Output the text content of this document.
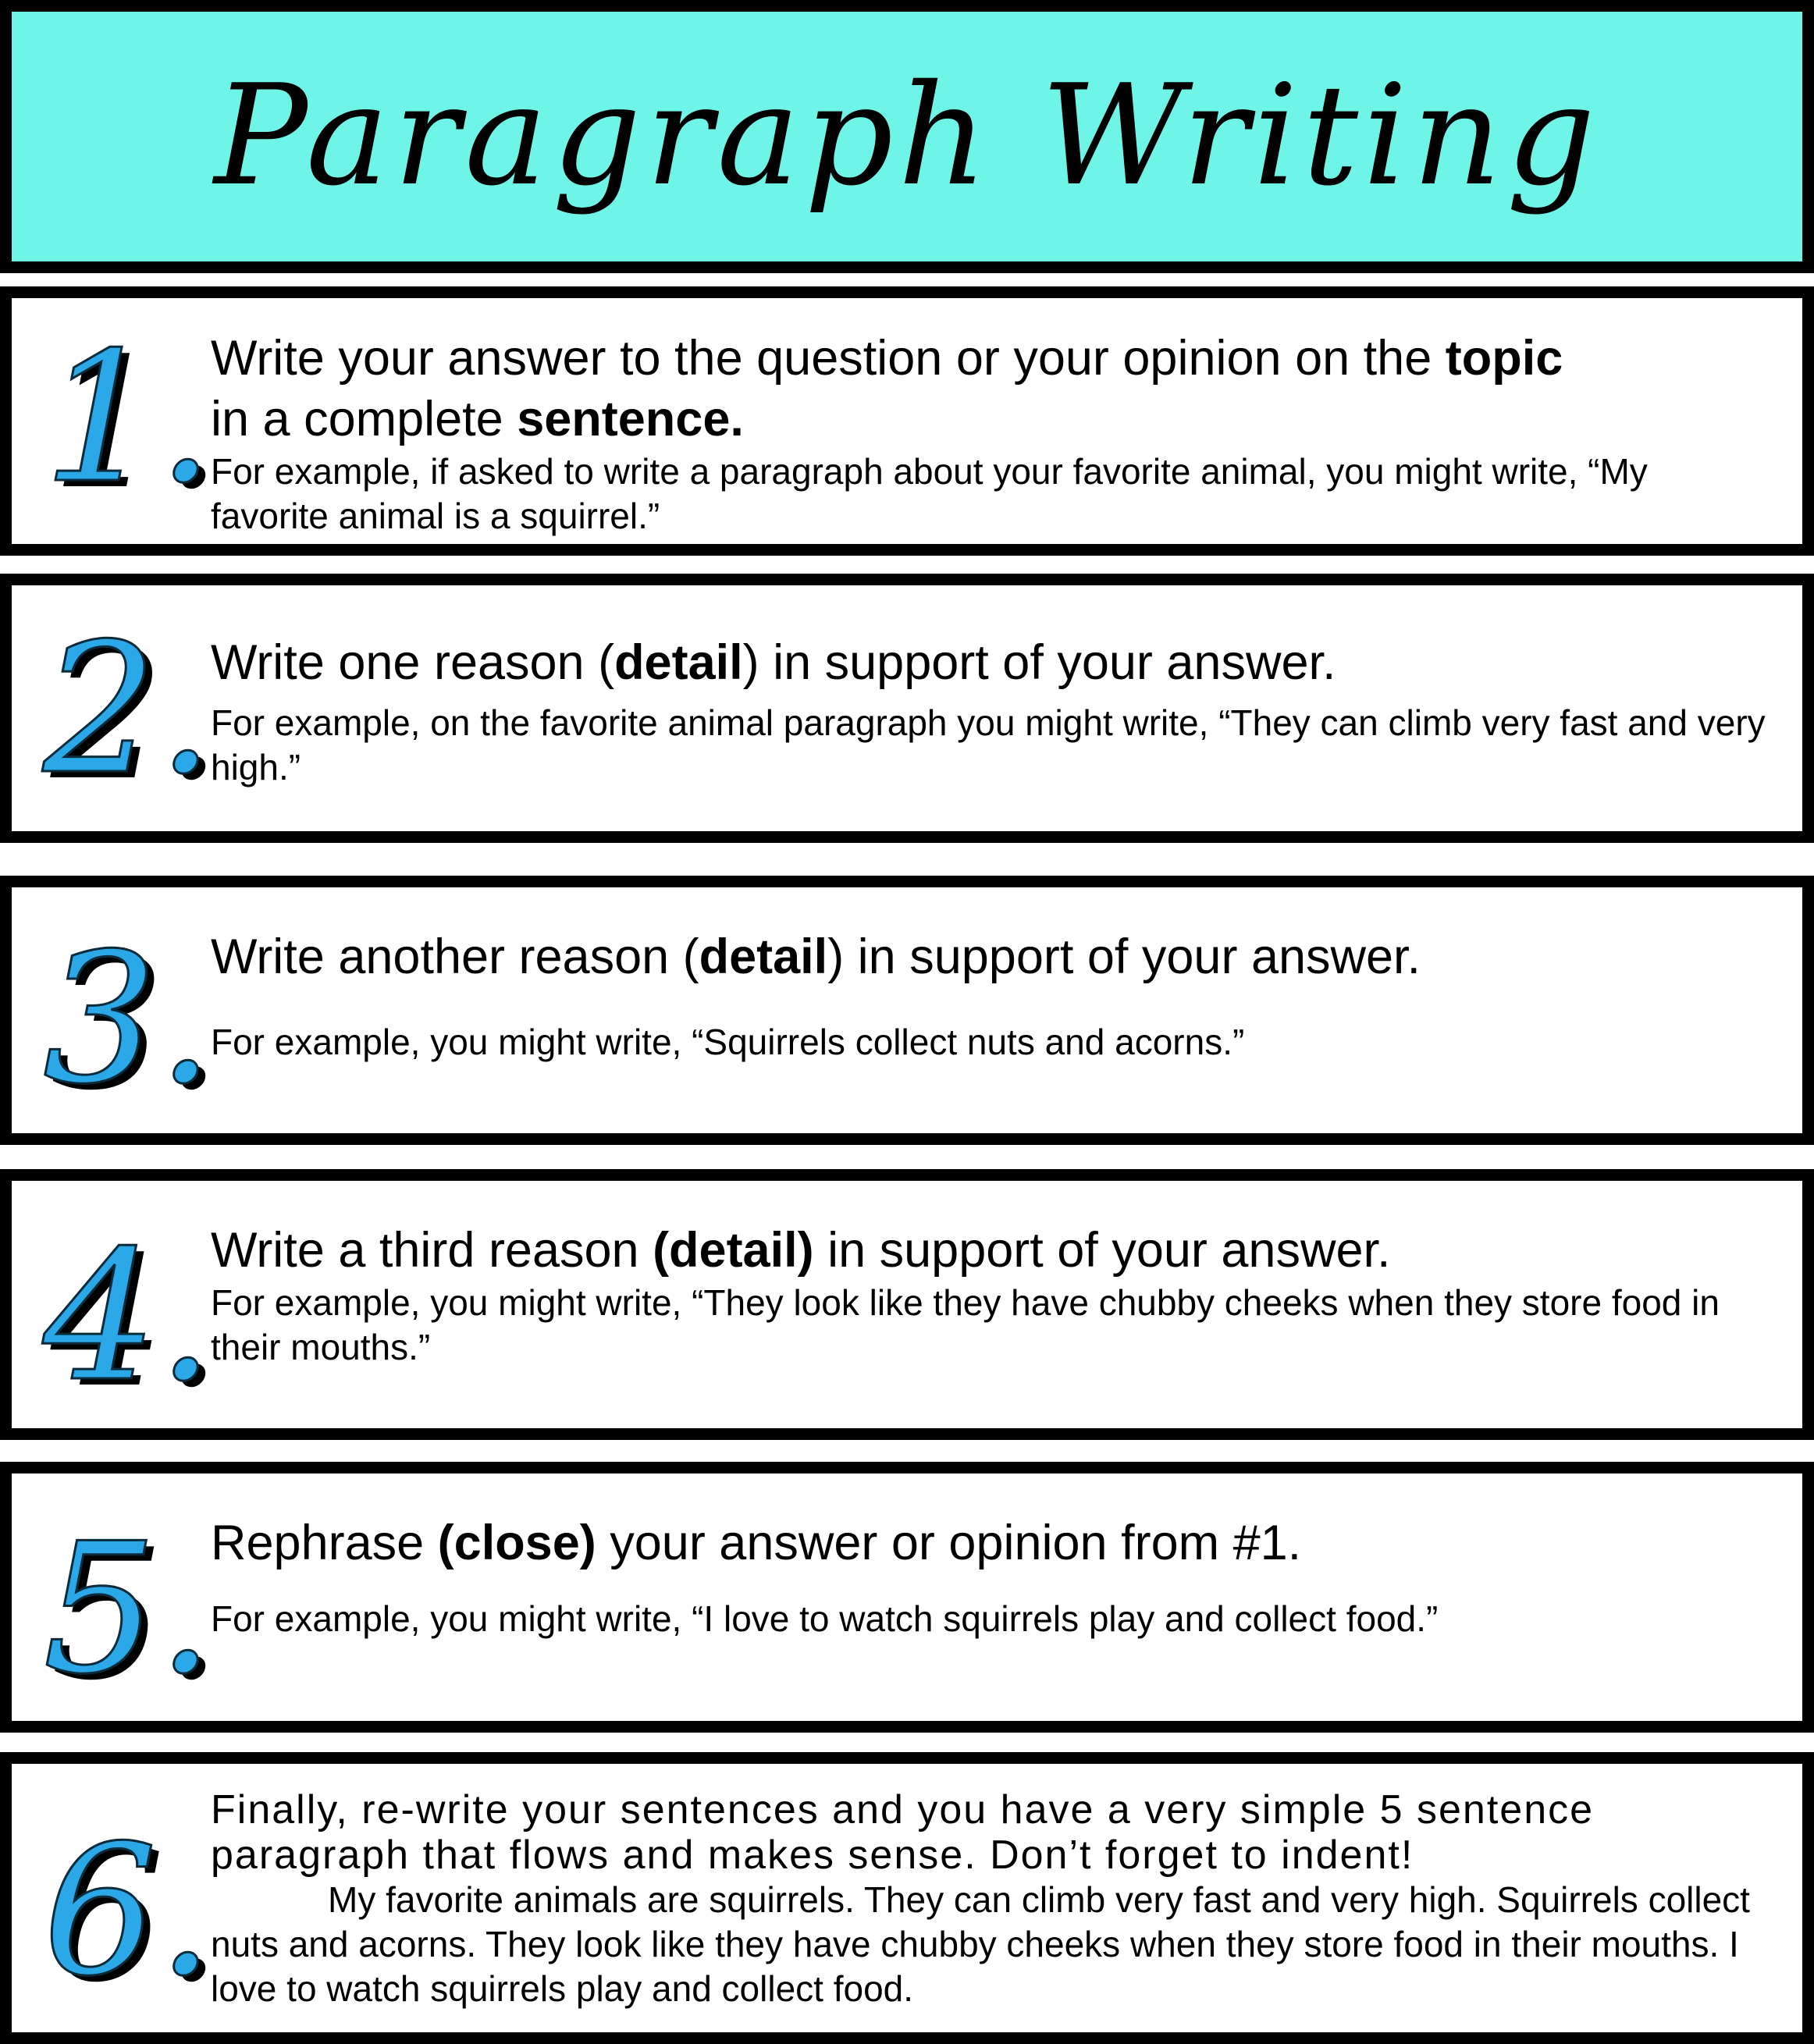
Paragraph Writing
1.
Write your answer to the question or your opinion on the topic
in a complete sentence.
For example, if asked to write a paragraph about your favorite animal, you might write, “My favorite animal is a squirrel.”
2.
Write one reason (detail) in support of your answer.
For example, on the favorite animal paragraph you might write, “They can climb very fast and very high.”
3.
Write another reason (detail) in support of your answer.
For example, you might write, “Squirrels collect nuts and acorns.”
4.
Write a third reason (detail) in support of your answer.
For example, you might write, “They look like they have chubby cheeks when they store food in their mouths.”
5.
Rephrase (close) your answer or opinion from #1.
For example, you might write, “I love to watch squirrels play and collect food.”
6.
Finally, re-write your sentences and you have a very simple 5 sentence paragraph that flows and makes sense. Don’t forget to indent!
My favorite animals are squirrels. They can climb very fast and very high. Squirrels collect nuts and acorns. They look like they have chubby cheeks when they store food in their mouths. I love to watch squirrels play and collect food.
